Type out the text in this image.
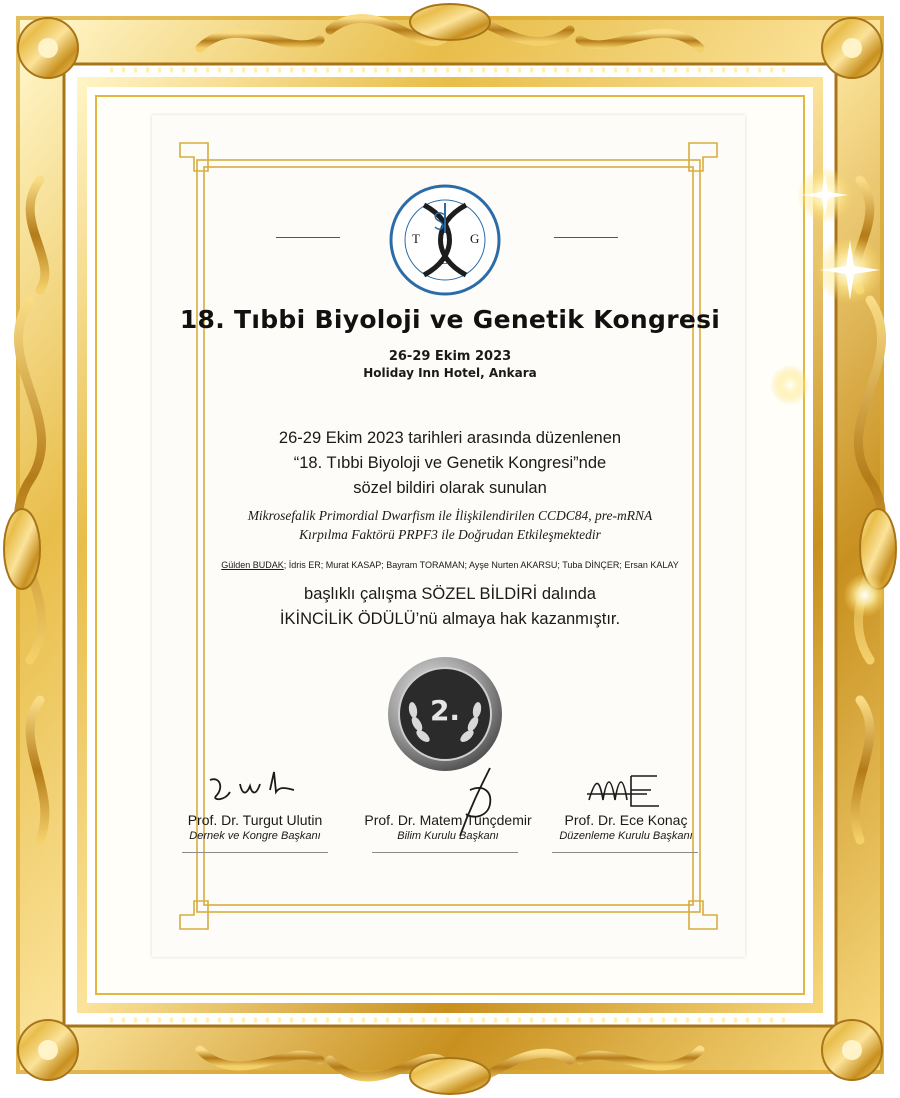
T	G
B
18. Tıbbi Biyoloji ve Genetik Kongresi
26-29 Ekim 2023
Holiday Inn Hotel, Ankara
26-29 Ekim 2023 tarihleri arasında düzenlenen
“18. Tıbbi Biyoloji ve Genetik Kongresi”nde
sözel bildiri olarak sunulan
Mikrosefalik Primordial Dwarfism ile İlişkilendirilen CCDC84, pre-mRNA
Kırpılma Faktörü PRPF3 ile Doğrudan Etkileşmektedir
Gülden BUDAK; İdris ER; Murat KASAP; Bayram TORAMAN; Ayşe Nurten AKARSU; Tuba DİNÇER; Ersan KALAY
başlıklı çalışma SÖZEL BİLDİRİ dalında
İKİNCİLİK ÖDÜLÜ’nü almaya hak kazanmıştır.
2.
Prof. Dr. Turgut Ulutin
Dernek ve Kongre Başkanı
Prof. Dr. Matem Tunçdemir
Bilim Kurulu Başkanı
Prof. Dr. Ece Konaç
Düzenleme Kurulu Başkanı
